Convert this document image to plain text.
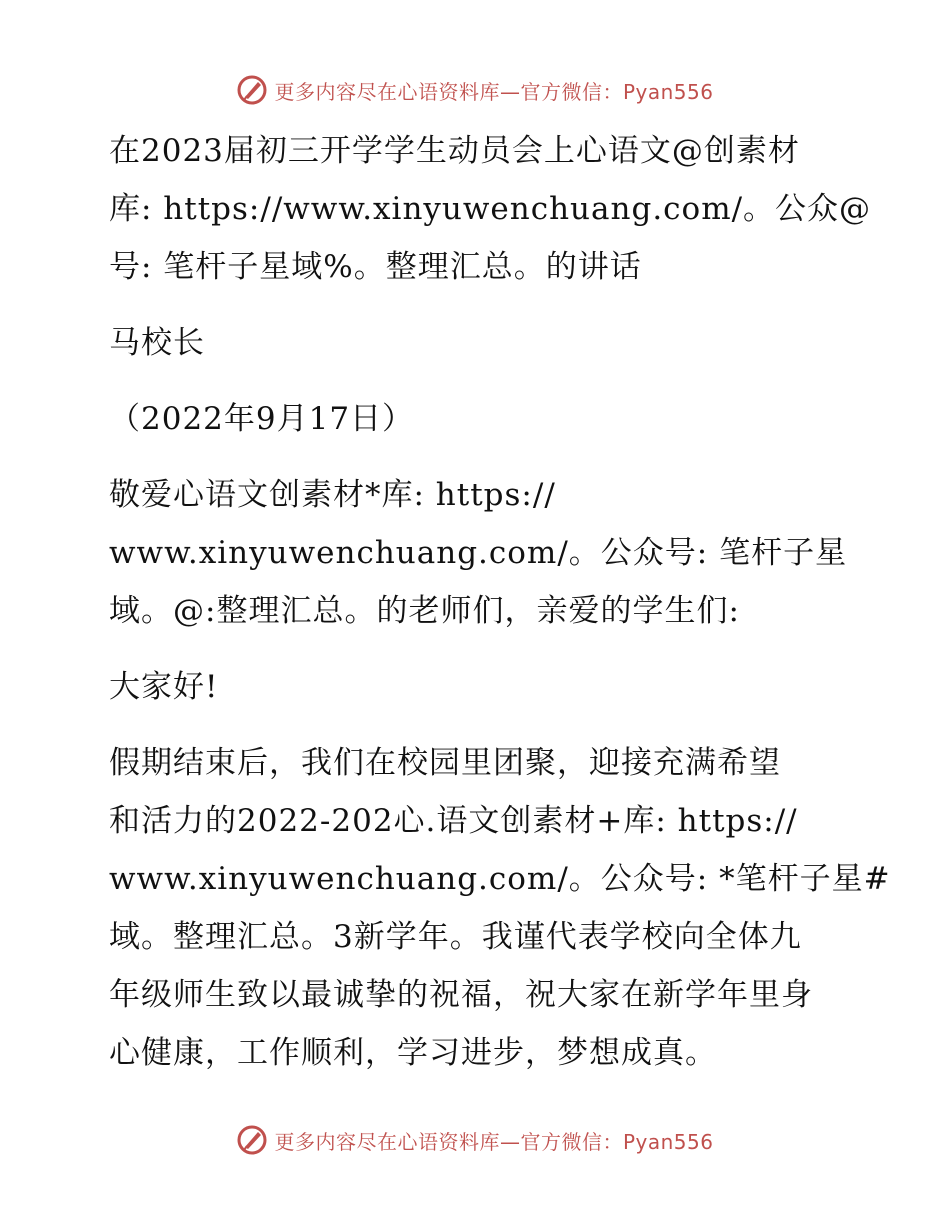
更多内容尽在心语资料库—官方微信：Pyan556
在2023届初三开学学生动员会上心语文@创素材
库: https://www.xinyuwenchuang.com/。公众@
号: 笔杆子星域%。整理汇总。的讲话
马校长
（2022年9月17日）
敬爱心语文创素材*库: https://
www.xinyuwenchuang.com/。公众号: 笔杆子星
域。@:整理汇总。的老师们，亲爱的学生们:
大家好!
假期结束后，我们在校园里团聚，迎接充满希望
和活力的2022-202心.语文创素材+库: https://
www.xinyuwenchuang.com/。公众号: *笔杆子星#
域。整理汇总。3新学年。我谨代表学校向全体九
年级师生致以最诚挚的祝福，祝大家在新学年里身
心健康，工作顺利，学习进步，梦想成真。
更多内容尽在心语资料库—官方微信：Pyan556
